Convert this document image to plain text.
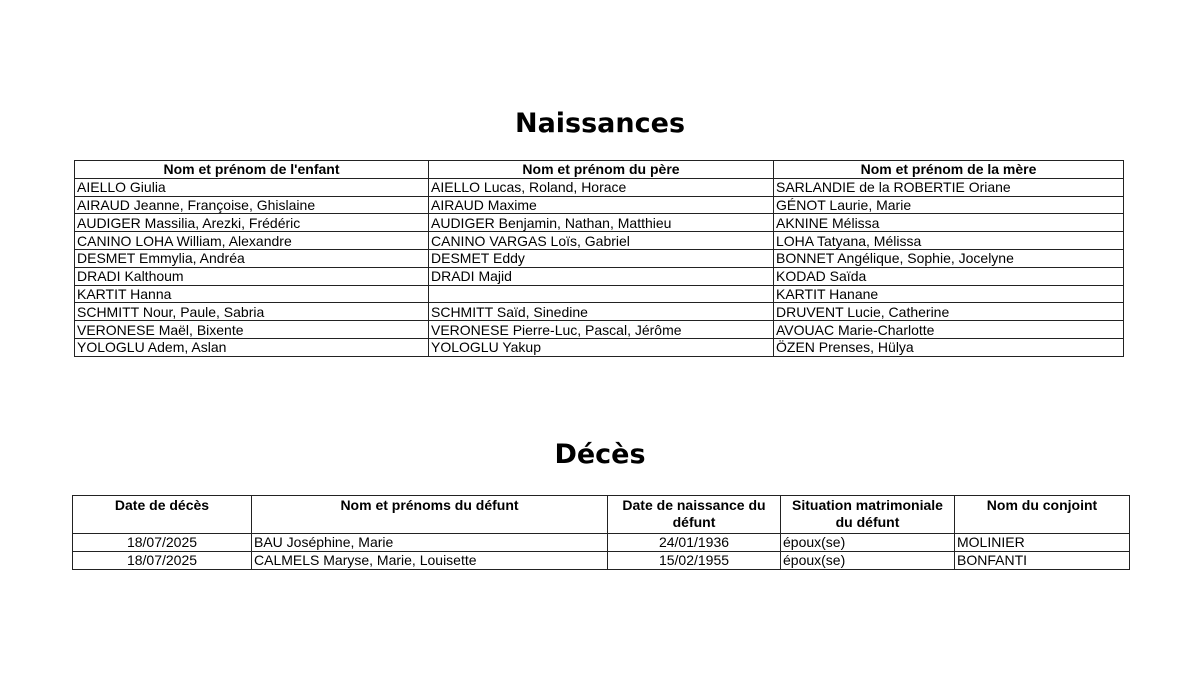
Naissances
Nom et prénom de l'enfant	Nom et prénom du père	Nom et prénom de la mère
AIELLO Giulia	AIELLO Lucas, Roland, Horace	SARLANDIE de la ROBERTIE Oriane
AIRAUD Jeanne, Françoise, Ghislaine	AIRAUD Maxime	GÉNOT Laurie, Marie
AUDIGER Massilia, Arezki, Frédéric	AUDIGER Benjamin, Nathan, Matthieu	AKNINE Mélissa
CANINO LOHA William, Alexandre	CANINO VARGAS Loïs, Gabriel	LOHA Tatyana, Mélissa
DESMET Emmylia, Andréa	DESMET Eddy	BONNET Angélique, Sophie, Jocelyne
DRADI Kalthoum	DRADI Majid	KODAD Saïda
KARTIT Hanna		KARTIT Hanane
SCHMITT Nour, Paule, Sabria	SCHMITT Saïd, Sinedine	DRUVENT Lucie, Catherine
VERONESE Maël, Bixente	VERONESE Pierre-Luc, Pascal, Jérôme	AVOUAC Marie-Charlotte
YOLOGLU Adem, Aslan	YOLOGLU Yakup	ÖZEN Prenses, Hülya
Décès
Date de décès	Nom et prénoms du défunt	Date de naissance du défunt	Situation matrimoniale du défunt	Nom du conjoint
18/07/2025	BAU Joséphine, Marie	24/01/1936	époux(se)	MOLINIER
18/07/2025	CALMELS Maryse, Marie, Louisette	15/02/1955	époux(se)	BONFANTI
